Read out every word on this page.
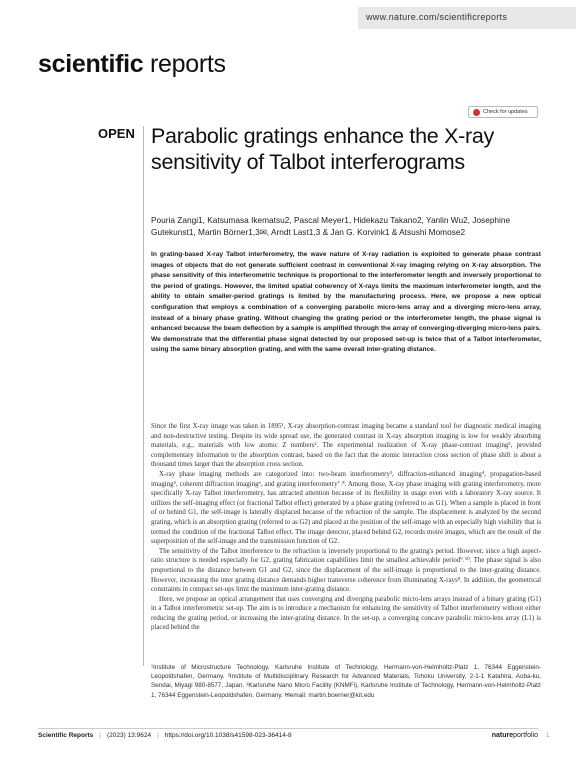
www.nature.com/scientificreports
scientific reports
Check for updates
OPEN Parabolic gratings enhance the X-ray sensitivity of Talbot interferograms
Pouria Zangi1, Katsumasa Ikematsu2, Pascal Meyer1, Hidekazu Takano2, Yanlin Wu2, Josephine Gutekunst1, Martin Börner1,3✉, Arndt Last1,3 & Jan G. Korvink1 & Atsushi Momose2
In grating-based X-ray Talbot interferometry, the wave nature of X-ray radiation is exploited to generate phase contrast images of objects that do not generate sufficient contrast in conventional X-ray imaging relying on X-ray absorption. The phase sensitivity of this interferometric technique is proportional to the interferometer length and inversely proportional to the period of gratings. However, the limited spatial coherency of X-rays limits the maximum interferometer length, and the ability to obtain smaller-period gratings is limited by the manufacturing process. Here, we propose a new optical configuration that employs a combination of a converging parabolic micro-lens array and a diverging micro-lens array, instead of a binary phase grating. Without changing the grating period or the interferometer length, the phase signal is enhanced because the beam deflection by a sample is amplified through the array of converging-diverging micro-lens pairs. We demonstrate that the differential phase signal detected by our proposed set-up is twice that of a Talbot interferometer, using the same binary absorption grating, and with the same overall inter-grating distance.

Since the first X-ray image was taken in 1895¹, X-ray absorption-contrast imaging became a standard tool for diagnostic medical imaging and non-destructive testing. Despite its wide spread use, the generated contrast in X-ray absorption imaging is low for weakly absorbing materials, e.g., materials with low atomic Z numbers². The experimental realization of X-ray phase-contrast imaging³, provided complementary information to the absorption contrast, based on the fact that the atomic interaction cross section of phase shift is about a thousand times larger than the absorption cross section.

X-ray phase imaging methods are categorized into: two-beam interferometry³, diffraction-enhanced imaging⁴, propagation-based imaging⁵, coherent diffraction imaging⁶, and grating interferometry⁷˒⁸. Among those, X-ray phase imaging with grating interferometry, more specifically X-ray Talbot interferometry, has attracted attention because of its flexibility in usage even with a laboratory X-ray source. It utilizes the self-imaging effect (or fractional Talbot effect) generated by a phase grating (referred to as G1). When a sample is placed in front of or behind G1, the self-image is laterally displaced because of the refraction of the sample. The displacement is analyzed by the second grating, which is an absorption grating (referred to as G2) and placed at the position of the self-image with an especially high visibility that is termed the condition of the fractional Talbot effect. The image detector, placed behind G2, records moiré images, which are the result of the superposition of the self-image and the transmission function of G2.

The sensitivity of the Talbot interference to the refraction is inversely proportional to the grating's period. However, since a high aspect-ratio structure is needed especially for G2, grating fabrication capabilities limit the smallest achievable period⁹˒¹⁰. The phase signal is also proportional to the distance between G1 and G2, since the displacement of the self-image is proportional to the inter-grating distance. However, increasing the inter grating distance demands higher transverse coherence from illuminating X-rays⁸. In addition, the geometrical constraints in compact set-ups limit the maximum inter-grating distance.

Here, we propose an optical arrangement that uses converging and diverging parabolic micro-lens arrays instead of a binary grating (G1) in a Talbot interferometric set-up. The aim is to introduce a mechanism for enhancing the sensitivity of Talbot interferometry without either reducing the grating period, or increasing the inter-grating distance. In the set-up, a converging concave parabolic micro-lens array (L1) is placed behind the

¹Institute of Microstructure Technology, Karlsruhe Institute of Technology, Hermann-von-Helmholtz-Platz 1, 76344 Eggenstein-Leopoldshafen, Germany. ²Institute of Multidisciplinary Research for Advanced Materials, Tohoku University, 2-1-1 Katahira, Aoba-ku, Sendai, Miyagi 980-8577, Japan. ³Karlsruhe Nano Micro Facility (KNMFi), Karlsruhe Institute of Technology, Hermann-von-Helmholtz-Platz 1, 76344 Eggenstein-Leopoldshafen, Germany. ✉email: martin.boerner@kit.edu
Scientific Reports | (2023) 13:9624 | https://doi.org/10.1038/s41598-023-36414-8	natureportfolio 1
